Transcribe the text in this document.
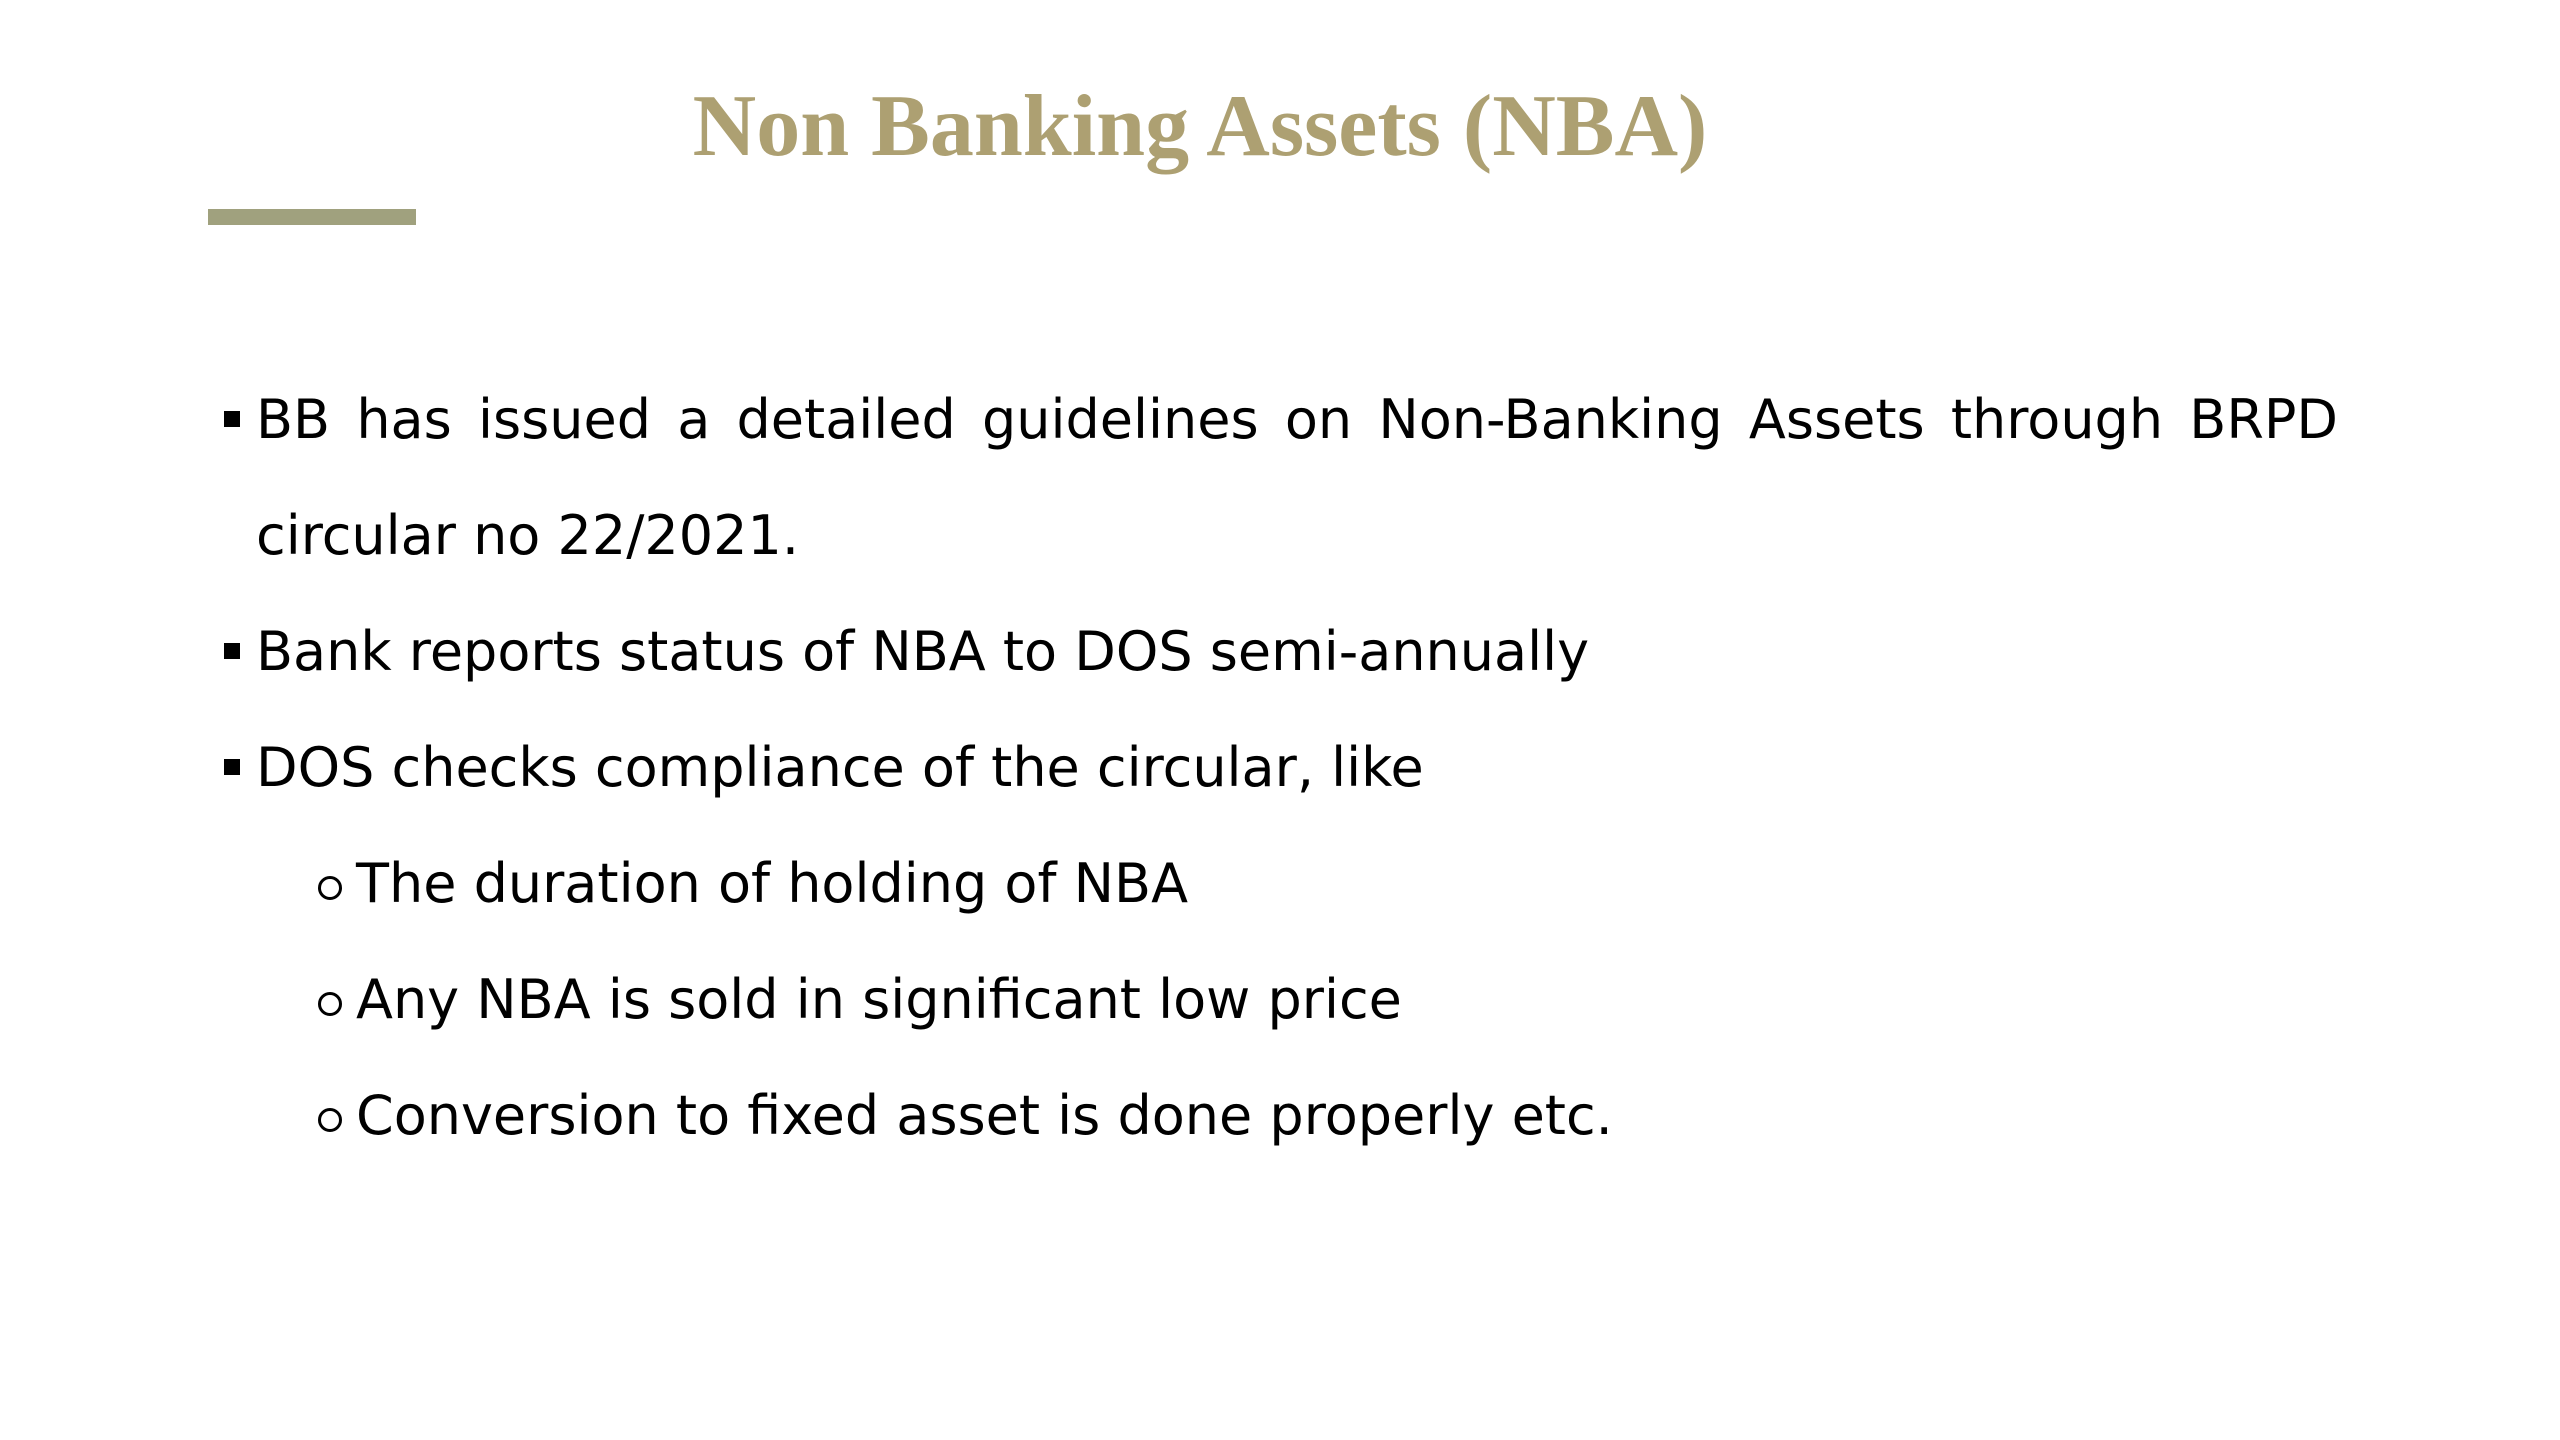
Non Banking Assets (NBA)
BB has issued a detailed guidelines on Non-Banking Assets through BRPD circular no 22/2021.
Bank reports status of NBA to DOS semi-annually
DOS checks compliance of the circular, like
The duration of holding of NBA
Any NBA is sold in significant low price
Conversion to fixed asset is done properly etc.
